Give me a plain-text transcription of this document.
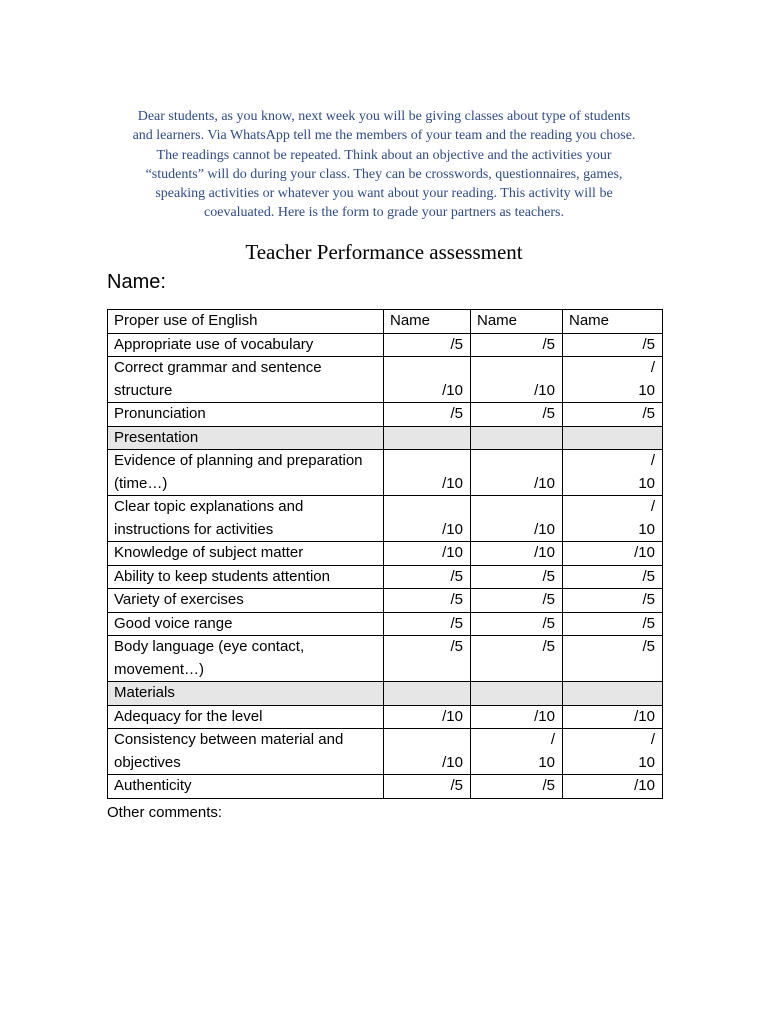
Dear students, as you know, next week you will be giving classes about type of students

and learners. Via WhatsApp tell me the members of your team and the reading you chose.

The readings cannot be repeated. Think about an objective and the activities your

“students” will do during your class. They can be crosswords, questionnaires, games,

speaking activities or whatever you want about your reading. This activity will be

coevaluated. Here is the form to grade your partners as teachers.

Teacher Performance assessment
Name:
Proper use of English	Name	Name	Name
Appropriate use of vocabulary	/5	/5	/5
Correct grammar and sentence structure	/10	/10	/
10

Pronunciation	/5	/5	/5
Presentation			
Evidence of planning and preparation (time…)	/10	/10	/
10

Clear topic explanations and instructions for activities	/10	/10	/
10

Knowledge of subject matter	/10	/10	/10
Ability to keep students attention	/5	/5	/5
Variety of exercises	/5	/5	/5
Good voice range	/5	/5	/5
Body language (eye contact, movement…)	/5	/5	/5
Materials			
Adequacy for the level	/10	/10	/10
Consistency between material and objectives	/10	/
10	/
10

Authenticity	/5	/5	/10
Other comments:
